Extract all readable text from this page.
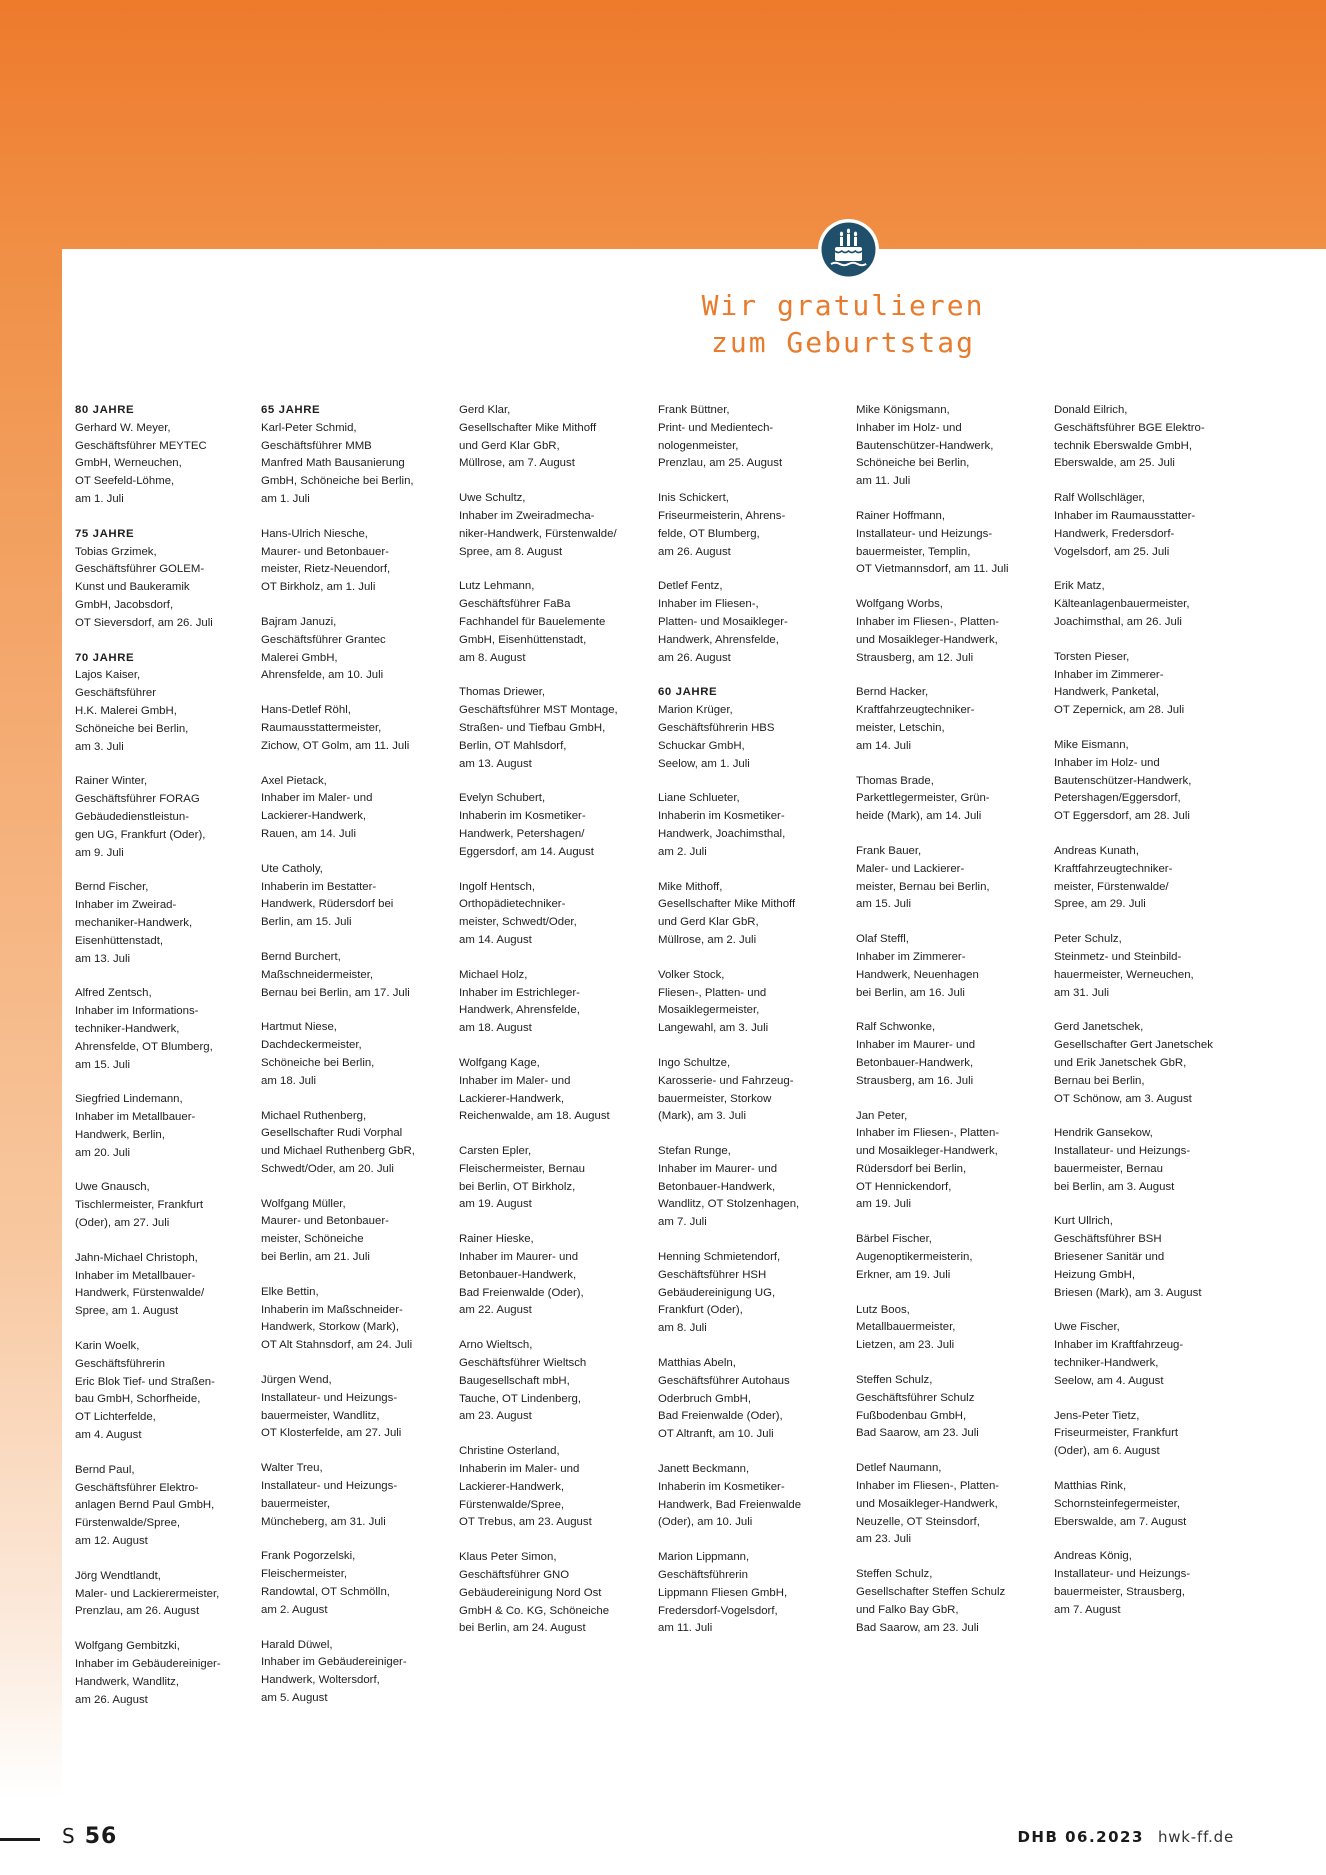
Wir gratulieren
zum Geburtstag
80 JAHRE
Gerhard W. Meyer,
Geschäftsführer MEYTEC
GmbH, Werneuchen,
OT Seefeld-Löhme,
am 1. Juli
75 JAHRE
Tobias Grzimek,
Geschäftsführer GOLEM-
Kunst und Baukeramik
GmbH, Jacobsdorf,
OT Sieversdorf, am 26. Juli
70 JAHRE
Lajos Kaiser,
Geschäftsführer
H.K. Malerei GmbH,
Schöneiche bei Berlin,
am 3. Juli
Rainer Winter,
Geschäftsführer FORAG
Gebäudedienstleistun-
gen UG, Frankfurt (Oder),
am 9. Juli
Bernd Fischer,
Inhaber im Zweirad-
mechaniker-Handwerk,
Eisenhüttenstadt,
am 13. Juli
Alfred Zentsch,
Inhaber im Informations-
techniker-Handwerk,
Ahrensfelde, OT Blumberg,
am 15. Juli
Siegfried Lindemann,
Inhaber im Metallbauer-
Handwerk, Berlin,
am 20. Juli
Uwe Gnausch,
Tischlermeister, Frankfurt
(Oder), am 27. Juli
Jahn-Michael Christoph,
Inhaber im Metallbauer-
Handwerk, Fürstenwalde/
Spree, am 1. August
Karin Woelk,
Geschäftsführerin
Eric Blok Tief- und Straßen-
bau GmbH, Schorfheide,
OT Lichterfelde,
am 4. August
Bernd Paul,
Geschäftsführer Elektro-
anlagen Bernd Paul GmbH,
Fürstenwalde/Spree,
am 12. August
Jörg Wendtlandt,
Maler- und Lackierermeister,
Prenzlau, am 26. August
Wolfgang Gembitzki,
Inhaber im Gebäudereiniger-
Handwerk, Wandlitz,
am 26. August
65 JAHRE
Karl-Peter Schmid,
Geschäftsführer MMB
Manfred Math Bausanierung
GmbH, Schöneiche bei Berlin,
am 1. Juli
Hans-Ulrich Niesche,
Maurer- und Betonbauer-
meister, Rietz-Neuendorf,
OT Birkholz, am 1. Juli
Bajram Januzi,
Geschäftsführer Grantec
Malerei GmbH,
Ahrensfelde, am 10. Juli
Hans-Detlef Röhl,
Raumausstattermeister,
Zichow, OT Golm, am 11. Juli
Axel Pietack,
Inhaber im Maler- und
Lackierer-Handwerk,
Rauen, am 14. Juli
Ute Catholy,
Inhaberin im Bestatter-
Handwerk, Rüdersdorf bei
Berlin, am 15. Juli
Bernd Burchert,
Maßschneidermeister,
Bernau bei Berlin, am 17. Juli
Hartmut Niese,
Dachdeckermeister,
Schöneiche bei Berlin,
am 18. Juli
Michael Ruthenberg,
Gesellschafter Rudi Vorphal
und Michael Ruthenberg GbR,
Schwedt/Oder, am 20. Juli
Wolfgang Müller,
Maurer- und Betonbauer-
meister, Schöneiche
bei Berlin, am 21. Juli
Elke Bettin,
Inhaberin im Maßschneider-
Handwerk, Storkow (Mark),
OT Alt Stahnsdorf, am 24. Juli
Jürgen Wend,
Installateur- und Heizungs-
bauermeister, Wandlitz,
OT Klosterfelde, am 27. Juli
Walter Treu,
Installateur- und Heizungs-
bauermeister,
Müncheberg, am 31. Juli
Frank Pogorzelski,
Fleischermeister,
Randowtal, OT Schmölln,
am 2. August
Harald Düwel,
Inhaber im Gebäudereiniger-
Handwerk, Woltersdorf,
am 5. August
Gerd Klar,
Gesellschafter Mike Mithoff
und Gerd Klar GbR,
Müllrose, am 7. August
Uwe Schultz,
Inhaber im Zweiradmecha-
niker-Handwerk, Fürstenwalde/
Spree, am 8. August
Lutz Lehmann,
Geschäftsführer FaBa
Fachhandel für Bauelemente
GmbH, Eisenhüttenstadt,
am 8. August
Thomas Driewer,
Geschäftsführer MST Montage,
Straßen- und Tiefbau GmbH,
Berlin, OT Mahlsdorf,
am 13. August
Evelyn Schubert,
Inhaberin im Kosmetiker-
Handwerk, Petershagen/
Eggersdorf, am 14. August
Ingolf Hentsch,
Orthopädietechniker-
meister, Schwedt/Oder,
am 14. August
Michael Holz,
Inhaber im Estrichleger-
Handwerk, Ahrensfelde,
am 18. August
Wolfgang Kage,
Inhaber im Maler- und
Lackierer-Handwerk,
Reichenwalde, am 18. August
Carsten Epler,
Fleischermeister, Bernau
bei Berlin, OT Birkholz,
am 19. August
Rainer Hieske,
Inhaber im Maurer- und
Betonbauer-Handwerk,
Bad Freienwalde (Oder),
am 22. August
Arno Wieltsch,
Geschäftsführer Wieltsch
Baugesellschaft mbH,
Tauche, OT Lindenberg,
am 23. August
Christine Osterland,
Inhaberin im Maler- und
Lackierer-Handwerk,
Fürstenwalde/Spree,
OT Trebus, am 23. August
Klaus Peter Simon,
Geschäftsführer GNO
Gebäudereinigung Nord Ost
GmbH & Co. KG, Schöneiche
bei Berlin, am 24. August
Frank Büttner,
Print- und Medientech-
nologenmeister,
Prenzlau, am 25. August
Inis Schickert,
Friseurmeisterin, Ahrens-
felde, OT Blumberg,
am 26. August
Detlef Fentz,
Inhaber im Fliesen-,
Platten- und Mosaikleger-
Handwerk, Ahrensfelde,
am 26. August
60 JAHRE
Marion Krüger,
Geschäftsführerin HBS
Schuckar GmbH,
Seelow, am 1. Juli
Liane Schlueter,
Inhaberin im Kosmetiker-
Handwerk, Joachimsthal,
am 2. Juli
Mike Mithoff,
Gesellschafter Mike Mithoff
und Gerd Klar GbR,
Müllrose, am 2. Juli
Volker Stock,
Fliesen-, Platten- und
Mosaiklegermeister,
Langewahl, am 3. Juli
Ingo Schultze,
Karosserie- und Fahrzeug-
bauermeister, Storkow
(Mark), am 3. Juli
Stefan Runge,
Inhaber im Maurer- und
Betonbauer-Handwerk,
Wandlitz, OT Stolzenhagen,
am 7. Juli
Henning Schmietendorf,
Geschäftsführer HSH
Gebäudereinigung UG,
Frankfurt (Oder),
am 8. Juli
Matthias Abeln,
Geschäftsführer Autohaus
Oderbruch GmbH,
Bad Freienwalde (Oder),
OT Altranft, am 10. Juli
Janett Beckmann,
Inhaberin im Kosmetiker-
Handwerk, Bad Freienwalde
(Oder), am 10. Juli
Marion Lippmann,
Geschäftsführerin
Lippmann Fliesen GmbH,
Fredersdorf-Vogelsdorf,
am 11. Juli
Mike Königsmann,
Inhaber im Holz- und
Bautenschützer-Handwerk,
Schöneiche bei Berlin,
am 11. Juli
Rainer Hoffmann,
Installateur- und Heizungs-
bauermeister, Templin,
OT Vietmannsdorf, am 11. Juli
Wolfgang Worbs,
Inhaber im Fliesen-, Platten-
und Mosaikleger-Handwerk,
Strausberg, am 12. Juli
Bernd Hacker,
Kraftfahrzeugtechniker-
meister, Letschin,
am 14. Juli
Thomas Brade,
Parkettlegermeister, Grün-
heide (Mark), am 14. Juli
Frank Bauer,
Maler- und Lackierer-
meister, Bernau bei Berlin,
am 15. Juli
Olaf Steffl,
Inhaber im Zimmerer-
Handwerk, Neuenhagen
bei Berlin, am 16. Juli
Ralf Schwonke,
Inhaber im Maurer- und
Betonbauer-Handwerk,
Strausberg, am 16. Juli
Jan Peter,
Inhaber im Fliesen-, Platten-
und Mosaikleger-Handwerk,
Rüdersdorf bei Berlin,
OT Hennickendorf,
am 19. Juli
Bärbel Fischer,
Augenoptikermeisterin,
Erkner, am 19. Juli
Lutz Boos,
Metallbauermeister,
Lietzen, am 23. Juli
Steffen Schulz,
Geschäftsführer Schulz
Fußbodenbau GmbH,
Bad Saarow, am 23. Juli
Detlef Naumann,
Inhaber im Fliesen-, Platten-
und Mosaikleger-Handwerk,
Neuzelle, OT Steinsdorf,
am 23. Juli
Steffen Schulz,
Gesellschafter Steffen Schulz
und Falko Bay GbR,
Bad Saarow, am 23. Juli
Donald Eilrich,
Geschäftsführer BGE Elektro-
technik Eberswalde GmbH,
Eberswalde, am 25. Juli
Ralf Wollschläger,
Inhaber im Raumausstatter-
Handwerk, Fredersdorf-
Vogelsdorf, am 25. Juli
Erik Matz,
Kälteanlagenbauermeister,
Joachimsthal, am 26. Juli
Torsten Pieser,
Inhaber im Zimmerer-
Handwerk, Panketal,
OT Zepernick, am 28. Juli
Mike Eismann,
Inhaber im Holz- und
Bautenschützer-Handwerk,
Petershagen/Eggersdorf,
OT Eggersdorf, am 28. Juli
Andreas Kunath,
Kraftfahrzeugtechniker-
meister, Fürstenwalde/
Spree, am 29. Juli
Peter Schulz,
Steinmetz- und Steinbild-
hauermeister, Werneuchen,
am 31. Juli
Gerd Janetschek,
Gesellschafter Gert Janetschek
und Erik Janetschek GbR,
Bernau bei Berlin,
OT Schönow, am 3. August
Hendrik Gansekow,
Installateur- und Heizungs-
bauermeister, Bernau
bei Berlin, am 3. August
Kurt Ullrich,
Geschäftsführer BSH
Briesener Sanitär und
Heizung GmbH,
Briesen (Mark), am 3. August
Uwe Fischer,
Inhaber im Kraftfahrzeug-
techniker-Handwerk,
Seelow, am 4. August
Jens-Peter Tietz,
Friseurmeister, Frankfurt
(Oder), am 6. August
Matthias Rink,
Schornsteinfegermeister,
Eberswalde, am 7. August
Andreas König,
Installateur- und Heizungs-
bauermeister, Strausberg,
am 7. August
S 56	DHB 06.2023 hwk-ff.de
